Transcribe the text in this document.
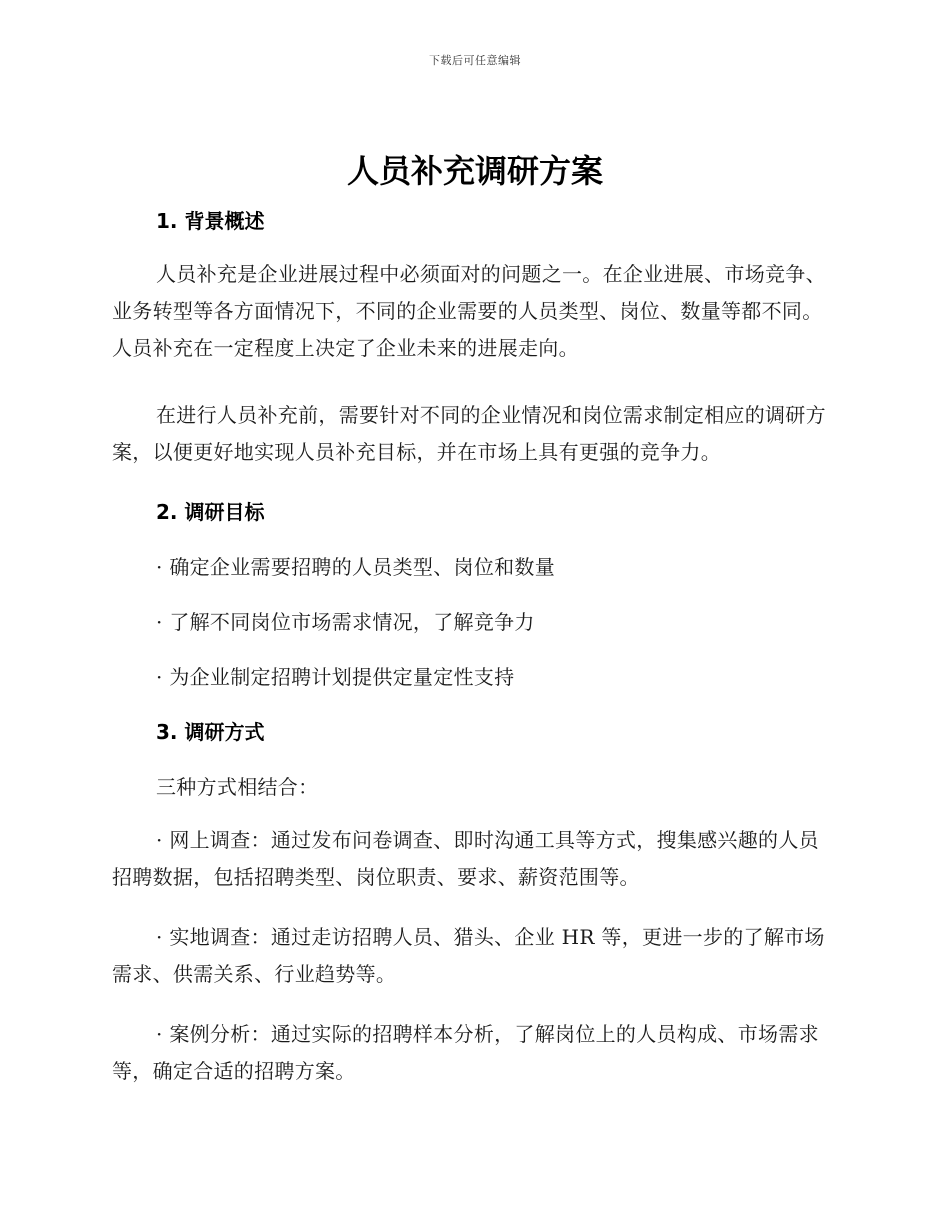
下载后可任意编辑
人员补充调研方案
1. 背景概述

人员补充是企业进展过程中必须面对的问题之一。在企业进展、市场竞争、业务转型等各方面情况下，不同的企业需要的人员类型、岗位、数量等都不同。人员补充在一定程度上决定了企业未来的进展走向。

在进行人员补充前，需要针对不同的企业情况和岗位需求制定相应的调研方案，以便更好地实现人员补充目标，并在市场上具有更强的竞争力。

2. 调研目标
· 确定企业需要招聘的人员类型、岗位和数量
· 了解不同岗位市场需求情况，了解竞争力
· 为企业制定招聘计划提供定量定性支持
3. 调研方式
三种方式相结合：

· 网上调查：通过发布问卷调查、即时沟通工具等方式，搜集感兴趣的人员招聘数据，包括招聘类型、岗位职责、要求、薪资范围等。

· 实地调查：通过走访招聘人员、猎头、企业 HR 等，更进一步的了解市场需求、供需关系、行业趋势等。

· 案例分析：通过实际的招聘样本分析，了解岗位上的人员构成、市场需求等，确定合适的招聘方案。
